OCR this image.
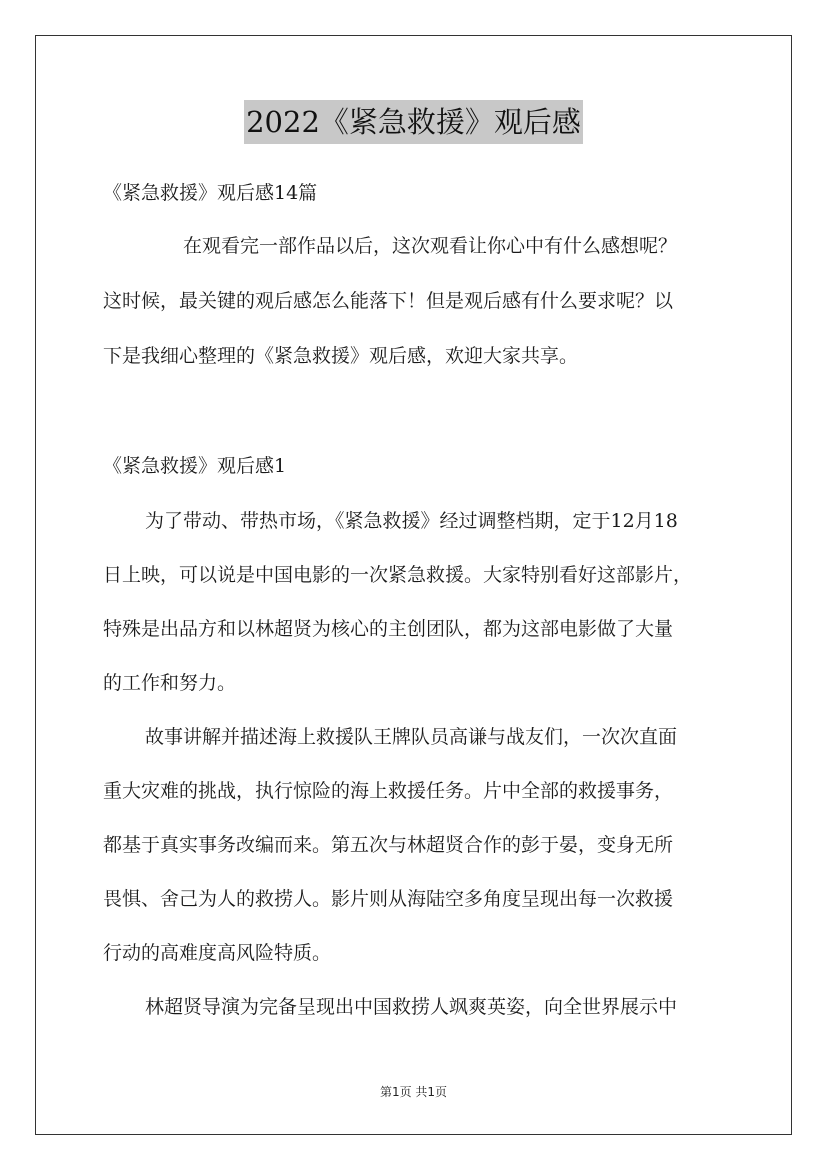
2022《紧急救援》观后感
《紧急救援》观后感14篇
在观看完一部作品以后，这次观看让你心中有什么感想呢？
这时候，最关键的观后感怎么能落下！但是观后感有什么要求呢？以
下是我细心整理的《紧急救援》观后感，欢迎大家共享。
《紧急救援》观后感1
为了带动、带热市场，《紧急救援》经过调整档期，定于12月18
日上映，可以说是中国电影的一次紧急救援。大家特别看好这部影片，
特殊是出品方和以林超贤为核心的主创团队，都为这部电影做了大量
的工作和努力。
故事讲解并描述海上救援队王牌队员高谦与战友们，一次次直面
重大灾难的挑战，执行惊险的海上救援任务。片中全部的救援事务，
都基于真实事务改编而来。第五次与林超贤合作的彭于晏，变身无所
畏惧、舍己为人的救捞人。影片则从海陆空多角度呈现出每一次救援
行动的高难度高风险特质。
林超贤导演为完备呈现出中国救捞人飒爽英姿，向全世界展示中
第1页 共1页
